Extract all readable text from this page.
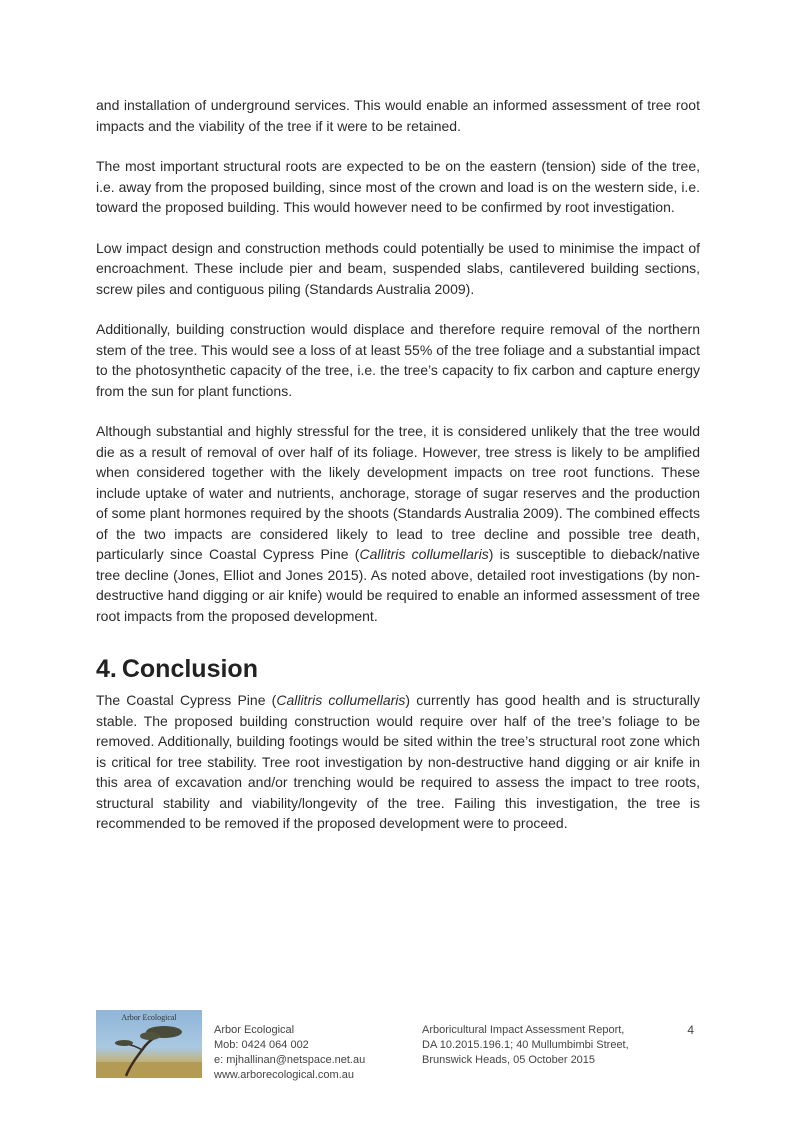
and installation of underground services. This would enable an informed assessment of tree root impacts and the viability of the tree if it were to be retained.

The most important structural roots are expected to be on the eastern (tension) side of the tree, i.e. away from the proposed building, since most of the crown and load is on the western side, i.e. toward the proposed building. This would however need to be confirmed by root investigation.

Low impact design and construction methods could potentially be used to minimise the impact of encroachment. These include pier and beam, suspended slabs, cantilevered building sections, screw piles and contiguous piling (Standards Australia 2009).

Additionally, building construction would displace and therefore require removal of the northern stem of the tree. This would see a loss of at least 55% of the tree foliage and a substantial impact to the photosynthetic capacity of the tree, i.e. the tree’s capacity to fix carbon and capture energy from the sun for plant functions.

Although substantial and highly stressful for the tree, it is considered unlikely that the tree would die as a result of removal of over half of its foliage. However, tree stress is likely to be amplified when considered together with the likely development impacts on tree root functions. These include uptake of water and nutrients, anchorage, storage of sugar reserves and the production of some plant hormones required by the shoots (Standards Australia 2009). The combined effects of the two impacts are considered likely to lead to tree decline and possible tree death, particularly since Coastal Cypress Pine (Callitris collumellaris) is susceptible to dieback/native tree decline (Jones, Elliot and Jones 2015). As noted above, detailed root investigations (by non-destructive hand digging or air knife) would be required to enable an informed assessment of tree root impacts from the proposed development.

4. Conclusion

The Coastal Cypress Pine (Callitris collumellaris) currently has good health and is structurally stable. The proposed building construction would require over half of the tree’s foliage to be removed. Additionally, building footings would be sited within the tree’s structural root zone which is critical for tree stability. Tree root investigation by non-destructive hand digging or air knife in this area of excavation and/or trenching would be required to assess the impact to tree roots, structural stability and viability/longevity of the tree. Failing this investigation, the tree is recommended to be removed if the proposed development were to proceed.

Arbor Ecological
Arbor Ecological
Mob: 0424 064 002
e: mjhallinan@netspace.net.au
www.arborecological.com.au
Arboricultural Impact Assessment Report,
DA 10.2015.196.1; 40 Mullumbimbi Street,
Brunswick Heads, 05 October 2015
4
